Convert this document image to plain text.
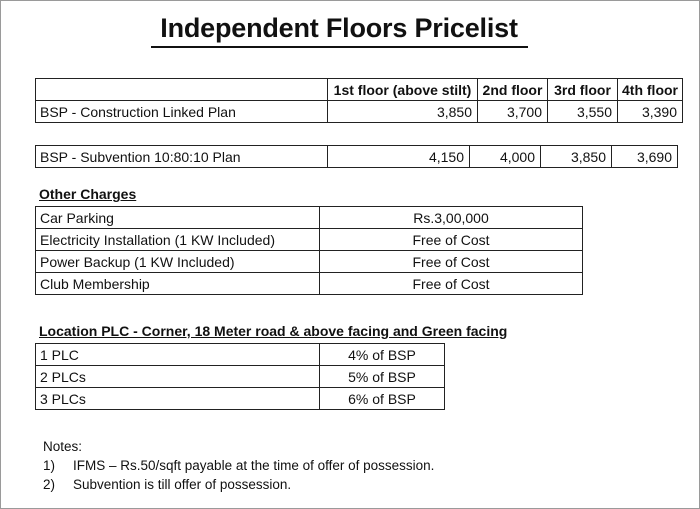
Independent Floors Pricelist
	1st floor (above stilt)	2nd floor	3rd floor	4th floor
BSP - Construction Linked Plan	3,850	3,700	3,550	3,390
BSP - Subvention 10:80:10 Plan	4,150	4,000	3,850	3,690
Other Charges
Car Parking	Rs.3,00,000
Electricity Installation (1 KW Included)	Free of Cost
Power Backup (1 KW Included)	Free of Cost
Club Membership	Free of Cost
Location PLC - Corner, 18 Meter road & above facing and Green facing
1 PLC	4% of BSP
2 PLCs	5% of BSP
3 PLCs	6% of BSP
Notes:
1)	IFMS – Rs.50/sqft payable at the time of offer of possession.
2)	Subvention is till offer of possession.
